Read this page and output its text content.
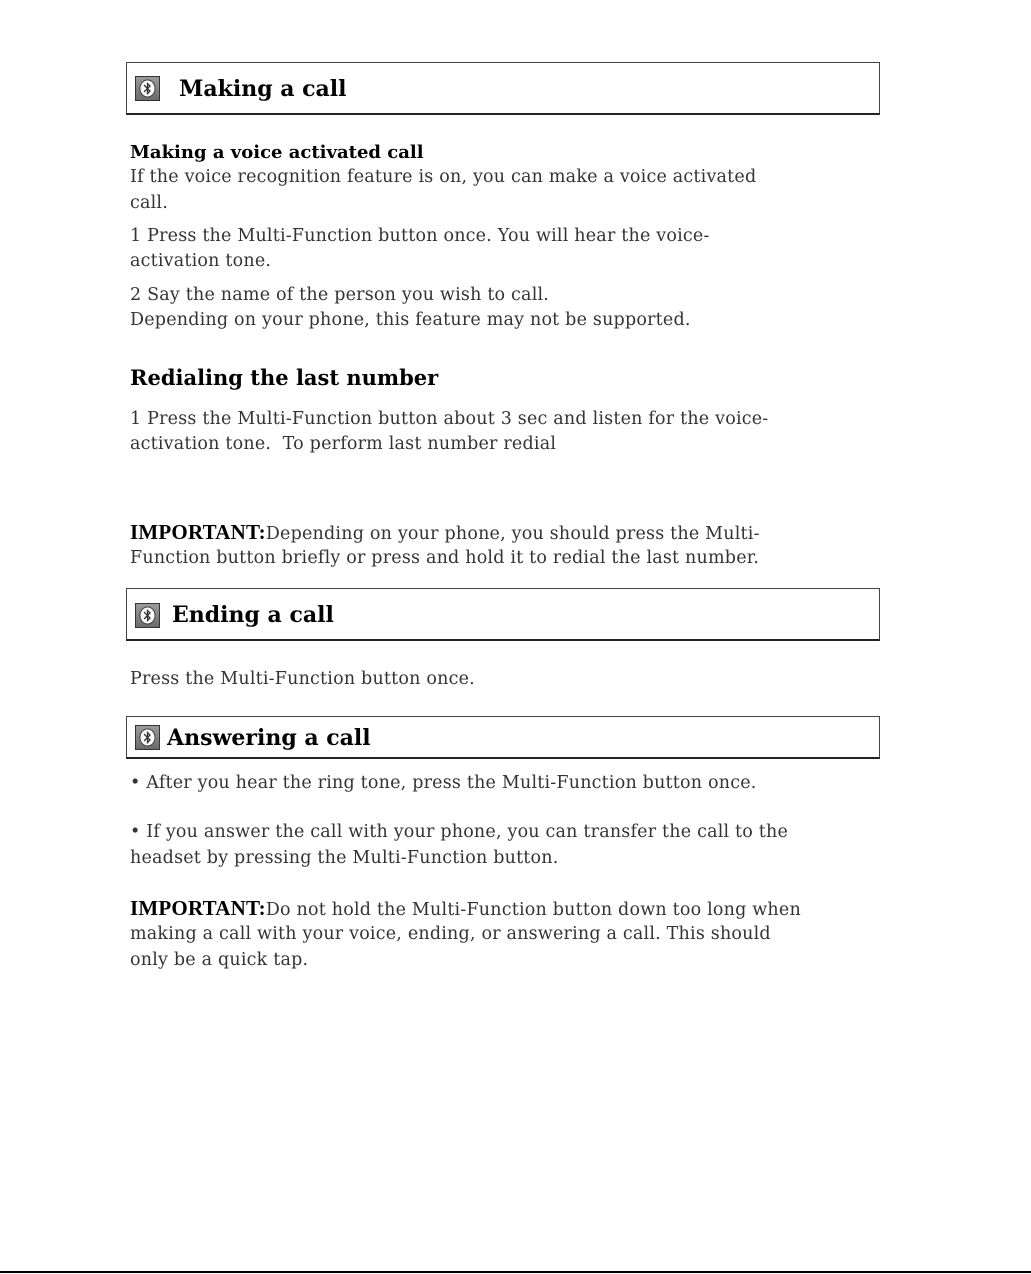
Making a call
Making a voice activated call
If the voice recognition feature is on, you can make a voice activated
call.
1 Press the Multi-Function button once. You will hear the voice-
activation tone.
2 Say the name of the person you wish to call.
Depending on your phone, this feature may not be supported.
Redialing the last number
1 Press the Multi-Function button about 3 sec and listen for the voice-
activation tone.  To perform last number redial
IMPORTANT:Depending on your phone, you should press the Multi-
Function button briefly or press and hold it to redial the last number.
Ending a call
Press the Multi-Function button once.
Answering a call
• After you hear the ring tone, press the Multi-Function button once.
• If you answer the call with your phone, you can transfer the call to the
headset by pressing the Multi-Function button.
IMPORTANT:Do not hold the Multi-Function button down too long when
making a call with your voice, ending, or answering a call. This should
only be a quick tap.
